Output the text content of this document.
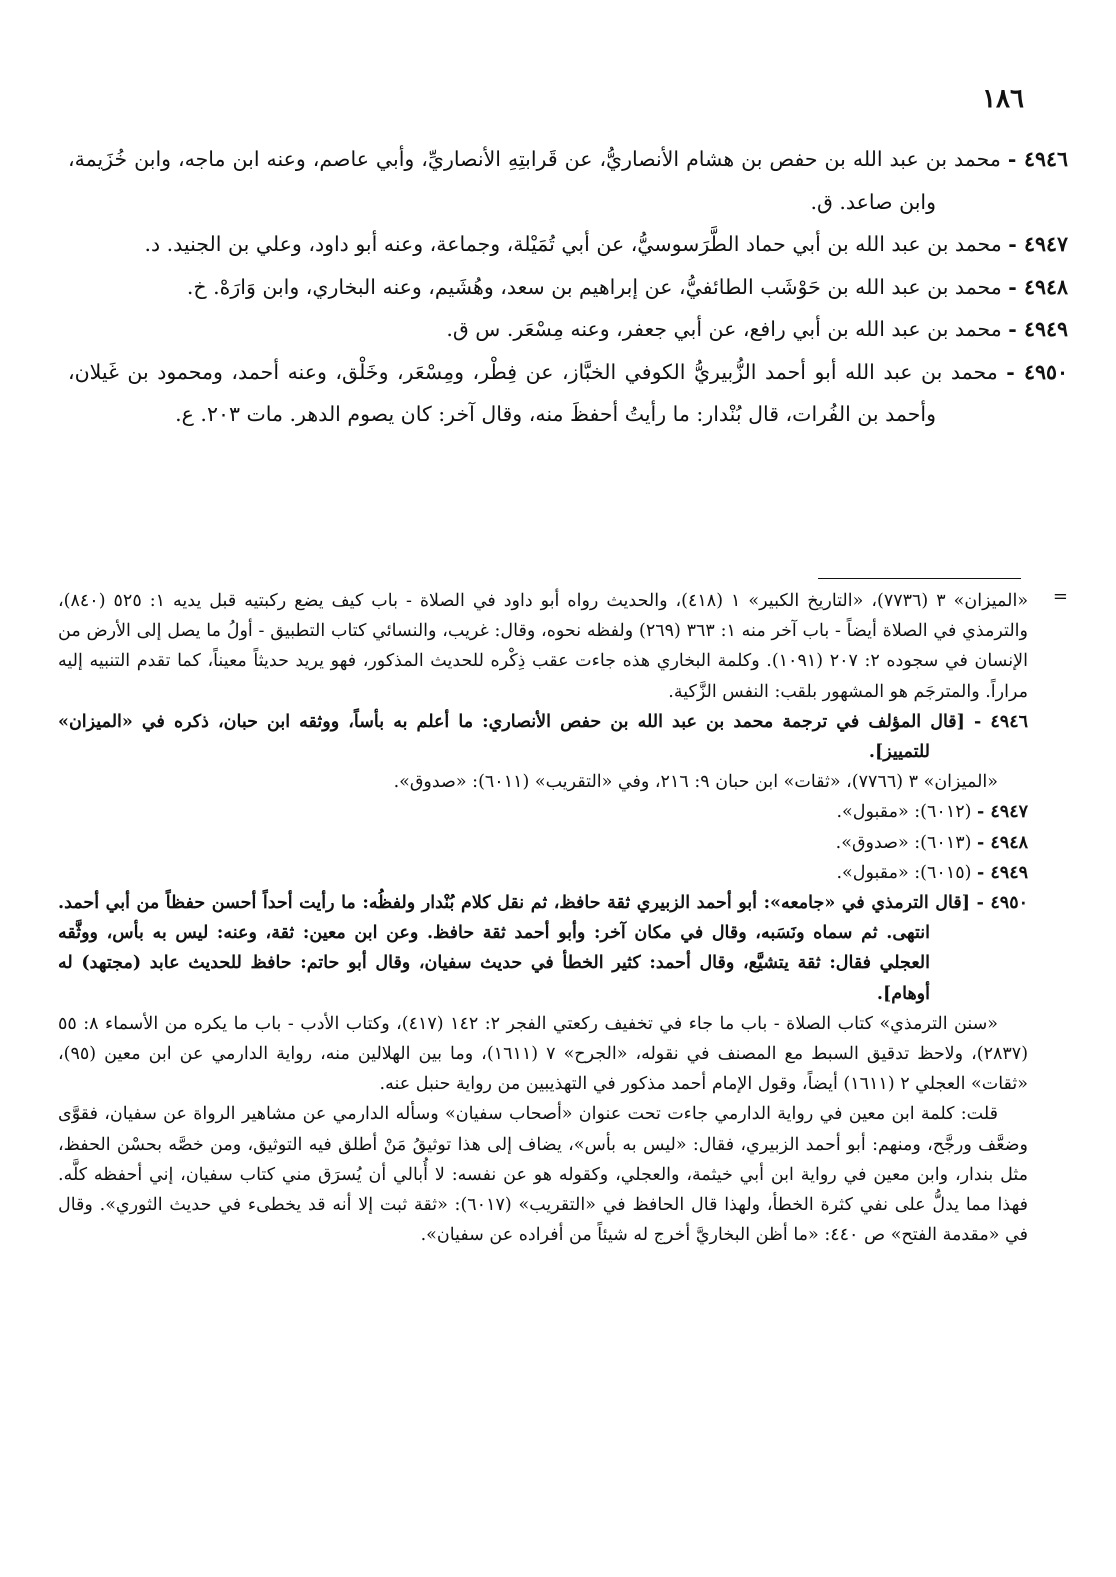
١٨٦

٤٩٤٦ - محمد بن عبد الله بن حفص بن هشام الأنصاريُّ، عن قَرابتِهِ الأنصاريِّ، وأبي عاصم، وعنه ابن ماجه، وابن خُزَيمة، وابن صاعد. ق.

٤٩٤٧ - محمد بن عبد الله بن أبي حماد الطَّرَسوسيُّ، عن أبي تُمَيْلة، وجماعة، وعنه أبو داود، وعلي بن الجنيد. د.

٤٩٤٨ - محمد بن عبد الله بن حَوْشَب الطائفيُّ، عن إبراهيم بن سعد، وهُشَيم، وعنه البخاري، وابن وَارَهْ. خ.

٤٩٤٩ - محمد بن عبد الله بن أبي رافع، عن أبي جعفر، وعنه مِسْعَر. س ق.

٤٩٥٠ - محمد بن عبد الله أبو أحمد الزُّبيريُّ الكوفي الخبَّاز، عن فِطْر، ومِسْعَر، وخَلْق، وعنه أحمد، ومحمود بن غَيلان، وأحمد بن الفُرات، قال بُنْدار: ما رأيتُ أحفظَ منه، وقال آخر: كان يصوم الدهر. مات ٢٠٣. ع.

=

«الميزان» ٣ (٧٧٣٦)، «التاريخ الكبير» ١ (٤١٨)، والحديث رواه أبو داود في الصلاة - باب كيف يضع ركبتيه قبل يديه ١: ٥٢٥ (٨٤٠)، والترمذي في الصلاة أيضاً - باب آخر منه ١: ٣٦٣ (٢٦٩) ولفظه نحوه، وقال: غريب، والنسائي كتاب التطبيق - أولُ ما يصل إلى الأرض من الإنسان في سجوده ٢: ٢٠٧ (١٠٩١). وكلمة البخاري هذه جاءت عقب ذِكْره للحديث المذكور، فهو يريد حديثاً معيناً، كما تقدم التنبيه إليه مراراً. والمترجَم هو المشهور بلقب: النفس الزَّكية.

٤٩٤٦ - [قال المؤلف في ترجمة محمد بن عبد الله بن حفص الأنصاري: ما أعلم به بأساً، ووثقه ابن حبان، ذكره في «الميزان» للتمييز].

«الميزان» ٣ (٧٧٦٦)، «ثقات» ابن حبان ٩: ٢١٦، وفي «التقريب» (٦٠١١): «صدوق».

٤٩٤٧ - (٦٠١٢): «مقبول».

٤٩٤٨ - (٦٠١٣): «صدوق».

٤٩٤٩ - (٦٠١٥): «مقبول».

٤٩٥٠ - [قال الترمذي في «جامعه»: أبو أحمد الزبيري ثقة حافظ، ثم نقل كلام بُنْدار ولفظُه: ما رأيت أحداً أحسن حفظاً من أبي أحمد. انتهى. ثم سماه ونَسَبه، وقال في مكان آخر: وأبو أحمد ثقة حافظ. وعن ابن معين: ثقة، وعنه: ليس به بأس، ووثَّقه العجلي فقال: ثقة يتشيَّع، وقال أحمد: كثير الخطأ في حديث سفيان، وقال أبو حاتم: حافظ للحديث عابد (مجتهد) له أوهام].

«سنن الترمذي» كتاب الصلاة - باب ما جاء في تخفيف ركعتي الفجر ٢: ١٤٢ (٤١٧)، وكتاب الأدب - باب ما يكره من الأسماء ٨: ٥٥ (٢٨٣٧)، ولاحظ تدقيق السبط مع المصنف في نقوله، «الجرح» ٧ (١٦١١)، وما بين الهلالين منه، رواية الدارمي عن ابن معين (٩٥)، «ثقات» العجلي ٢ (١٦١١) أيضاً، وقول الإمام أحمد مذكور في التهذيبين من رواية حنبل عنه.

قلت: كلمة ابن معين في رواية الدارمي جاءت تحت عنوان «أصحاب سفيان» وسأله الدارمي عن مشاهير الرواة عن سفيان، فقوَّى وضعَّف ورجَّح، ومنهم: أبو أحمد الزبيري، فقال: «ليس به بأس»، يضاف إلى هذا توثيقُ مَنْ أطلق فيه التوثيق، ومن خصَّه بحسْن الحفظ، مثل بندار، وابن معين في رواية ابن أبي خيثمة، والعجلي، وكقوله هو عن نفسه: لا أُبالي أن يُسرَق مني كتاب سفيان، إني أحفظه كلَّه. فهذا مما يدلُّ على نفي كثرة الخطأ، ولهذا قال الحافظ في «التقريب» (٦٠١٧): «ثقة ثبت إلا أنه قد يخطىء في حديث الثوري». وقال في «مقدمة الفتح» ص ٤٤٠: «ما أظن البخاريَّ أخرج له شيئاً من أفراده عن سفيان».
